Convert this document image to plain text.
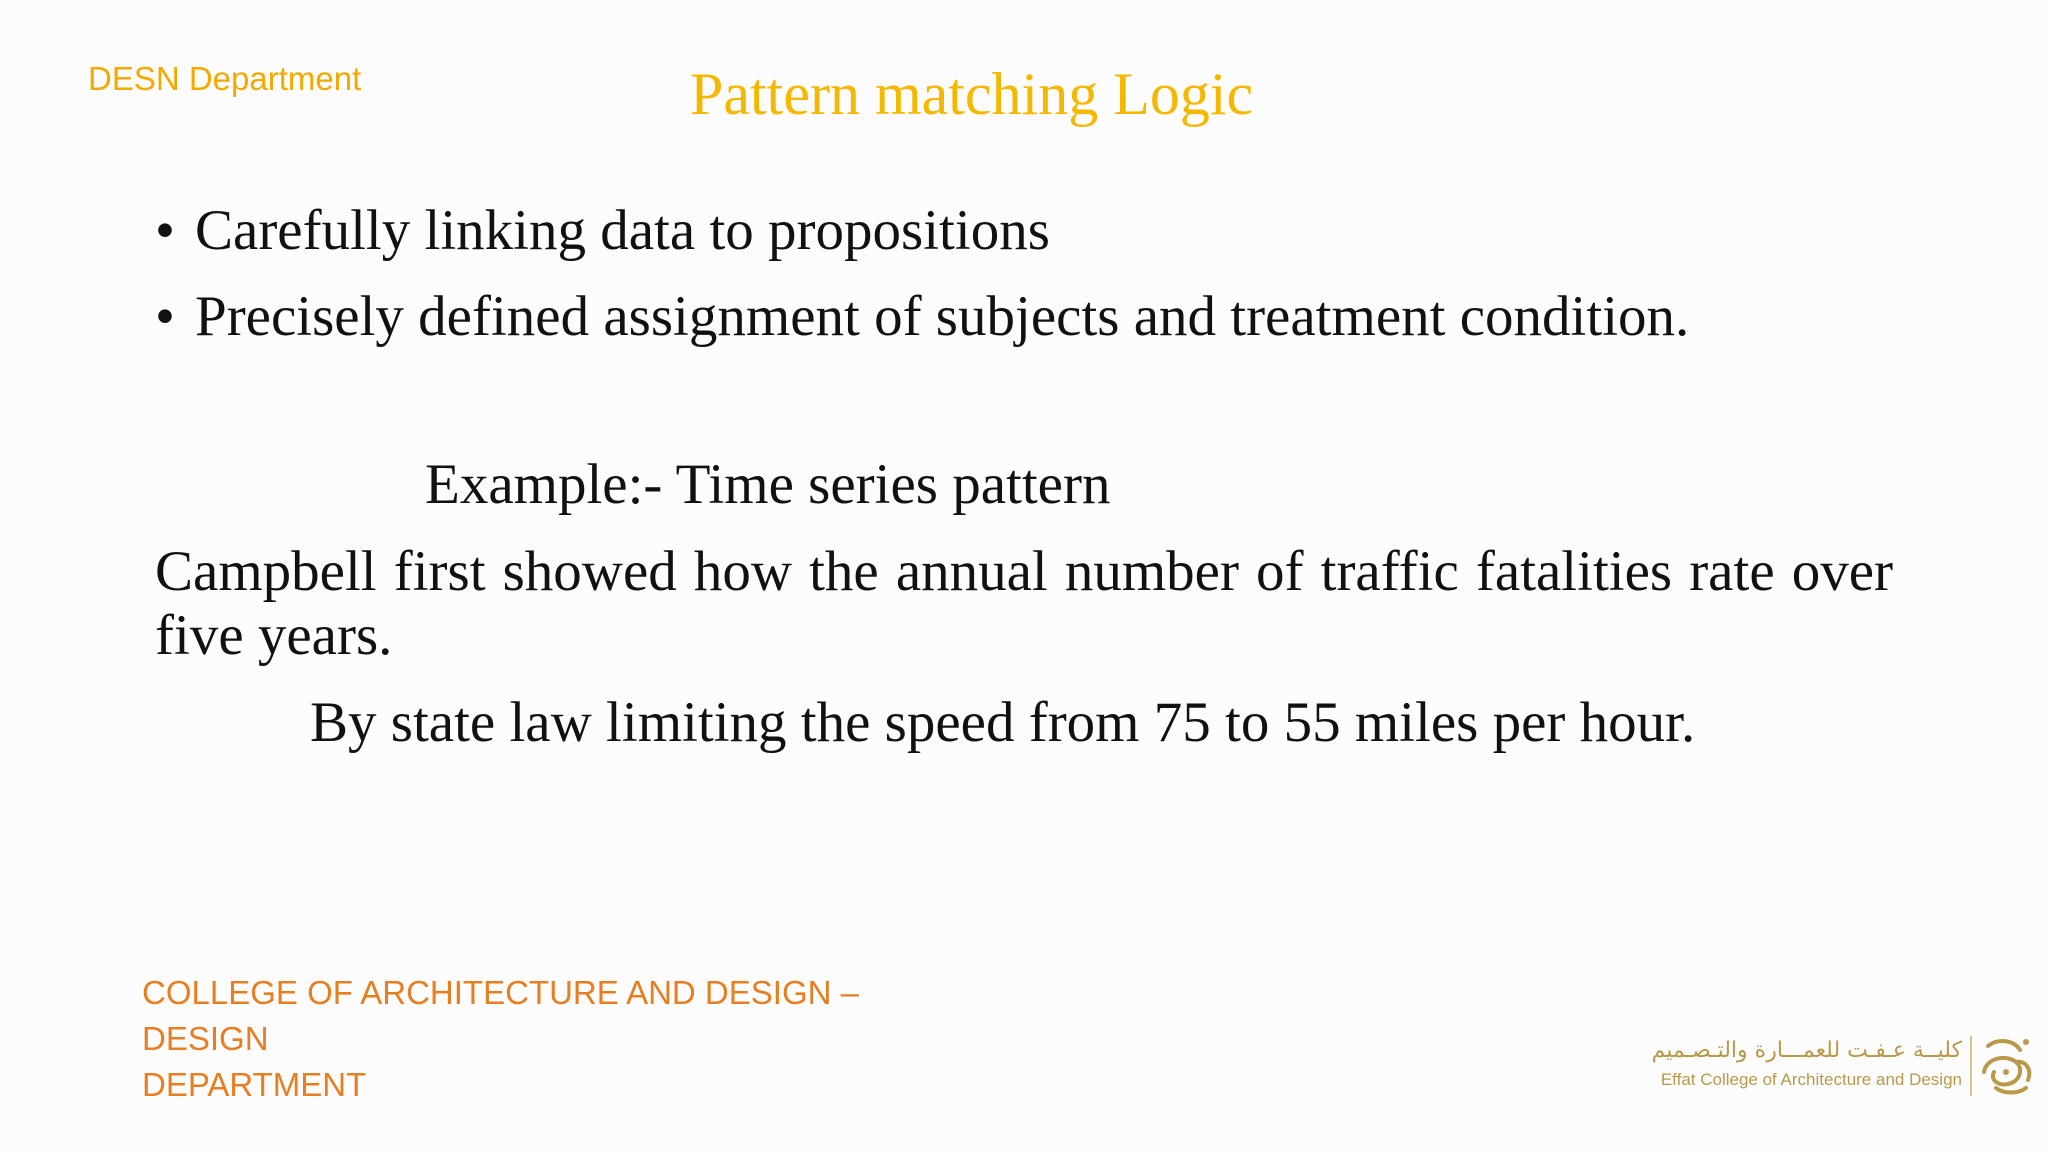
DESN Department	Pattern matching Logic
• Carefully linking data to propositions
• Precisely defined assignment of subjects and treatment condition.
Example:- Time series pattern
Campbell first showed how the annual number of traffic fatalities rate over five years.
By state law limiting the speed from 75 to 55 miles per hour.
COLLEGE OF ARCHITECTURE AND DESIGN – DESIGN
DEPARTMENT
كليــة عـفـت للعمـــارة والتـصـميم
Effat College of Architecture and Design
